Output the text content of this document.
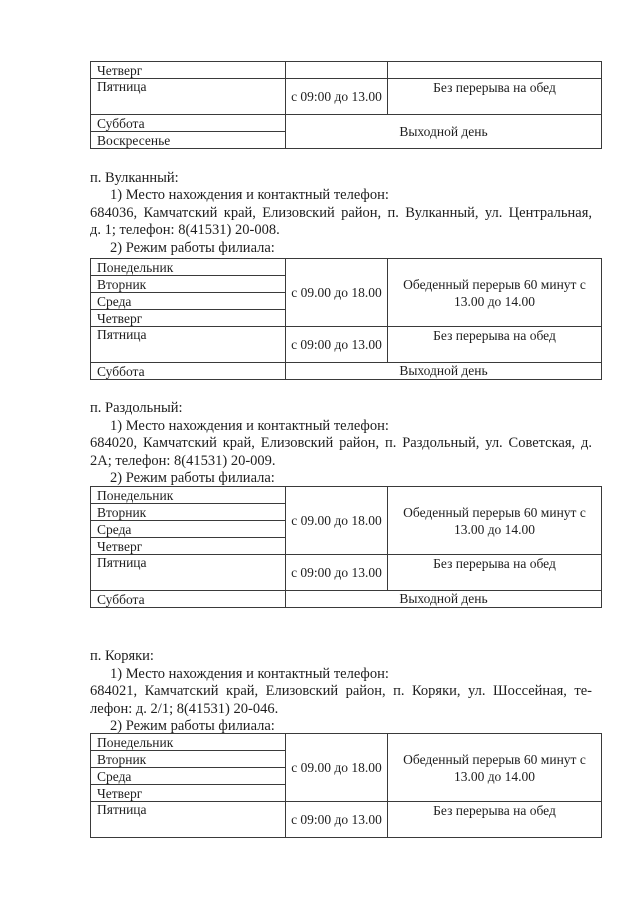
Четверг		
Пятница	с 09:00 до 13.00	Без перерыва на обед
Суббота	Выходной день	
Воскресенье		
п. Вулканный:
1) Место нахождения и контактный телефон:
684036, Камчатский край, Елизовский район, п. Вулканный, ул. Центральная,
д. 1; телефон: 8(41531) 20-008.
2) Режим работы филиала:
Понедельник	с 09.00 до 18.00	Обеденный перерыв 60 минут с 13.00 до 14.00
Вторник		
Среда		
Четверг		
Пятница	с 09:00 до 13.00	Без перерыва на обед
Суббота	Выходной день	
п. Раздольный:
1) Место нахождения и контактный телефон:
684020, Камчатский край, Елизовский район, п. Раздольный, ул. Советская, д.
2А; телефон: 8(41531) 20-009.
2) Режим работы филиала:
Понедельник	с 09.00 до 18.00	Обеденный перерыв 60 минут с 13.00 до 14.00
Вторник		
Среда		
Четверг		
Пятница	с 09:00 до 13.00	Без перерыва на обед
Суббота	Выходной день	
п. Коряки:
1) Место нахождения и контактный телефон:
684021, Камчатский край, Елизовский район, п. Коряки, ул. Шоссейная, те-
лефон: д. 2/1; 8(41531) 20-046.
2) Режим работы филиала:
Понедельник	с 09.00 до 18.00	Обеденный перерыв 60 минут с 13.00 до 14.00
Вторник		
Среда		
Четверг		
Пятница	с 09:00 до 13.00	Без перерыва на обед
